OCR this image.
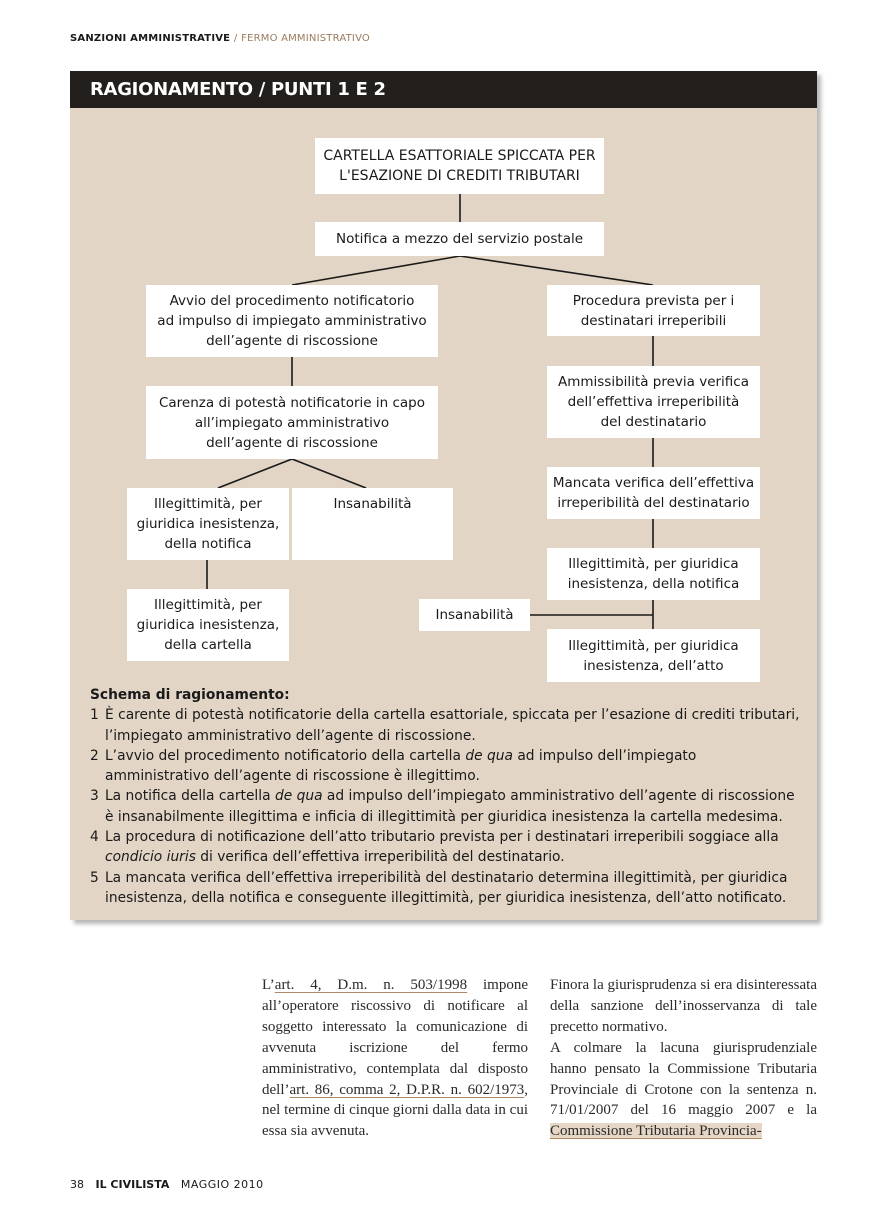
SANZIONI AMMINISTRATIVE / FERMO AMMINISTRATIVO
RAGIONAMENTO / PUNTI 1 E 2
CARTELLA ESATTORIALE SPICCATA PER
L'ESAZIONE DI CREDITI TRIBUTARI
Notifica a mezzo del servizio postale
Avvio del procedimento notificatorio
ad impulso di impiegato amministrativo
dell’agente di riscossione
Carenza di potestà notificatorie in capo
all’impiegato amministrativo
dell’agente di riscossione
Illegittimità, per
giuridica inesistenza,
della notifica
Insanabilità
Illegittimità, per
giuridica inesistenza,
della cartella
Procedura prevista per i
destinatari irreperibili
Ammissibilità previa verifica
dell’effettiva irreperibilità
del destinatario
Mancata verifica dell’effettiva
irreperibilità del destinatario
Illegittimità, per giuridica
inesistenza, della notifica
Insanabilità
Illegittimità, per giuridica
inesistenza, dell’atto
Schema di ragionamento:
1 È carente di potestà notificatorie della cartella esattoriale, spiccata per l’esazione di crediti tributari, l’impiegato amministrativo dell’agente di riscossione.
2 L’avvio del procedimento notificatorio della cartella de qua ad impulso dell’impiegato amministrativo dell’agente di riscossione è illegittimo.
3 La notifica della cartella de qua ad impulso dell’impiegato amministrativo dell’agente di riscossione è insanabilmente illegittima e inficia di illegittimità per giuridica inesistenza la cartella medesima.
4 La procedura di notificazione dell’atto tributario prevista per i destinatari irreperibili soggiace alla condicio iuris di verifica dell’effettiva irreperibilità del destinatario.
5 La mancata verifica dell’effettiva irreperibilità del destinatario determina illegittimità, per giuridica inesistenza, della notifica e conseguente illegittimità, per giuridica inesistenza, dell’atto notificato.
L’art. 4, D.m. n. 503/1998 impone all’operatore riscossivo di notificare al soggetto interessato la comunicazione di avvenuta iscrizione del fermo amministrativo, contemplata dal disposto dell’art. 86, comma 2, D.P.R. n. 602/1973, nel termine di cinque giorni dalla data in cui essa sia avvenuta.
Finora la giurisprudenza si era disinteressata della sanzione dell’inosservanza di tale precetto normativo.
A colmare la lacuna giurisprudenziale hanno pensato la Commissione Tributaria Provinciale di Crotone con la sentenza n. 71/01/2007 del 16 maggio 2007 e la Commissione Tributaria Provincia-
38 IL CIVILISTA MAGGIO 2010
